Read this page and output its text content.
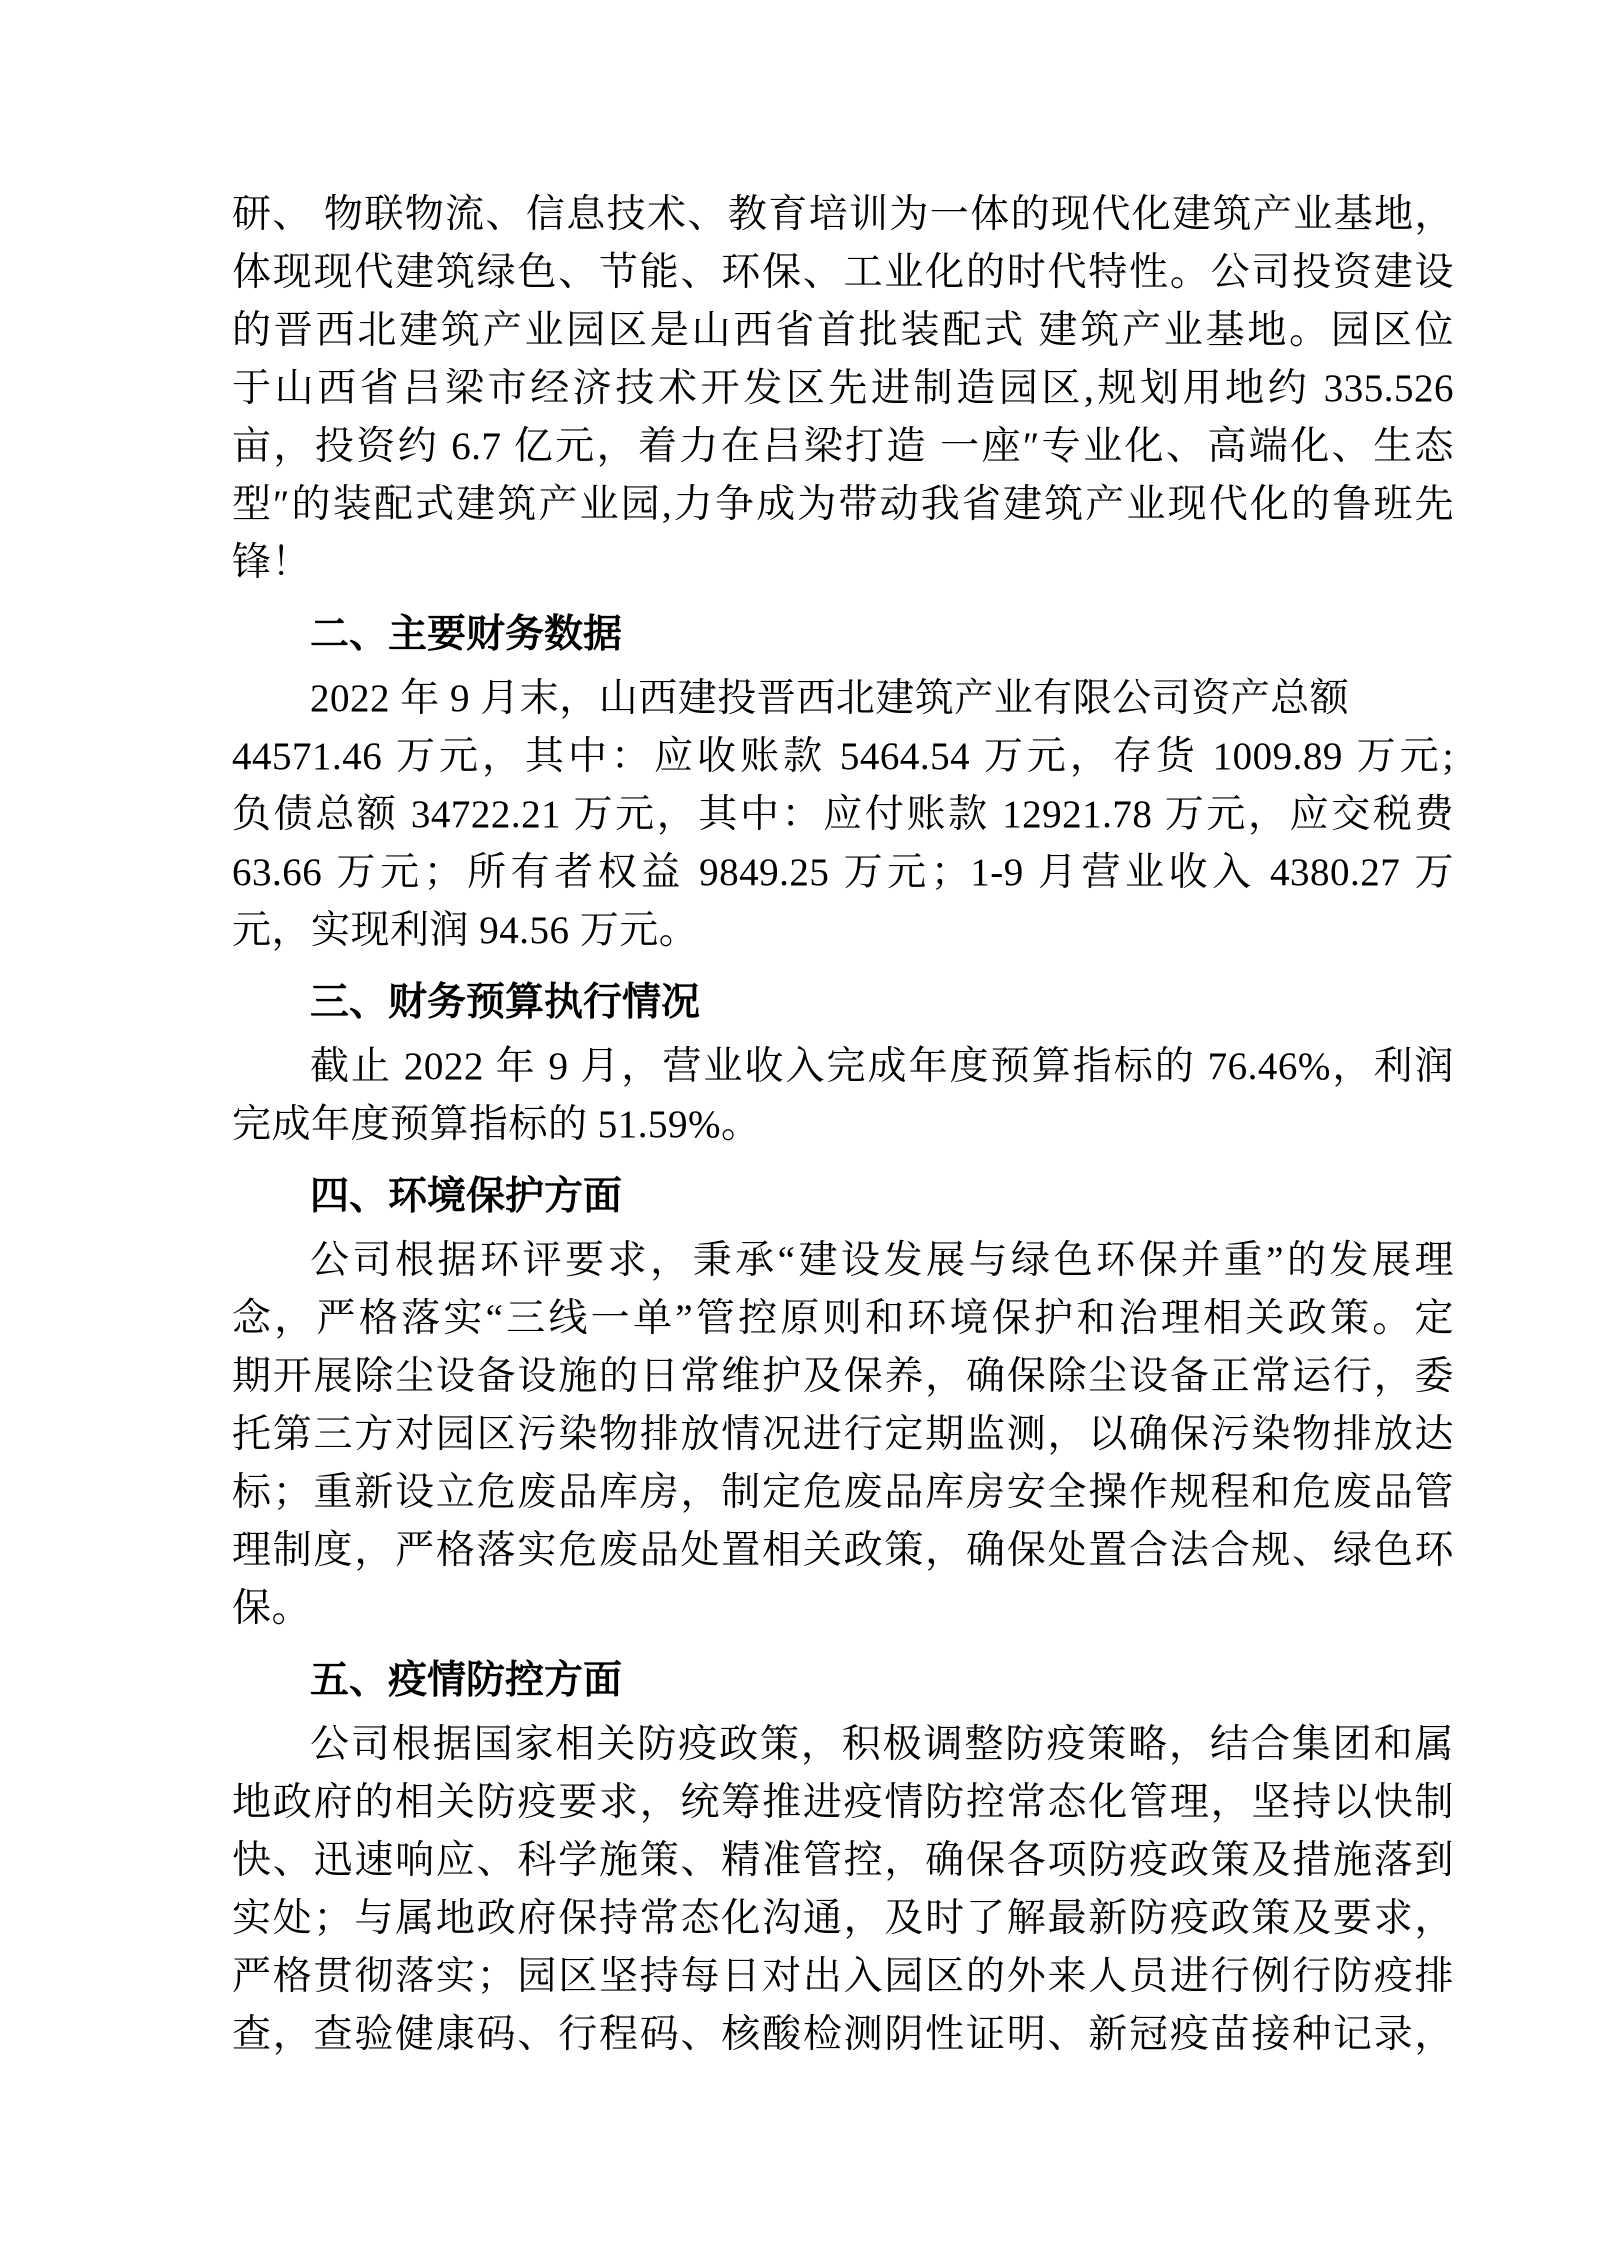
研、 物联物流、信息技术、教育培训为一体的现代化建筑产业基地，
体现现代建筑绿色、节能、环保、工业化的时代特性。公司投资建设
的晋西北建筑产业园区是山西省首批装配式 建筑产业基地。园区位
于山西省吕梁市经济技术开发区先进制造园区,规划用地约 335.526
亩，投资约 6.7 亿元，着力在吕梁打造 一座″专业化、高端化、生态
型″的装配式建筑产业园,力争成为带动我省建筑产业现代化的鲁班先
锋！
二、主要财务数据
2022 年 9 月末，山西建投晋西北建筑产业有限公司资产总额
44571.46 万元，其中：应收账款 5464.54 万元，存货 1009.89 万元;
负债总额 34722.21 万元，其中：应付账款 12921.78 万元，应交税费
63.66 万元；所有者权益 9849.25 万元；1-9 月营业收入 4380.27 万
元，实现利润 94.56 万元。
三、财务预算执行情况
截止 2022 年 9 月，营业收入完成年度预算指标的 76.46%，利润
完成年度预算指标的 51.59%。
四、环境保护方面
公司根据环评要求，秉承“建设发展与绿色环保并重”的发展理
念，严格落实“三线一单”管控原则和环境保护和治理相关政策。定
期开展除尘设备设施的日常维护及保养，确保除尘设备正常运行，委
托第三方对园区污染物排放情况进行定期监测，以确保污染物排放达
标；重新设立危废品库房，制定危废品库房安全操作规程和危废品管
理制度，严格落实危废品处置相关政策，确保处置合法合规、绿色环
保。
五、疫情防控方面
公司根据国家相关防疫政策，积极调整防疫策略，结合集团和属
地政府的相关防疫要求，统筹推进疫情防控常态化管理，坚持以快制
快、迅速响应、科学施策、精准管控，确保各项防疫政策及措施落到
实处；与属地政府保持常态化沟通，及时了解最新防疫政策及要求，
严格贯彻落实；园区坚持每日对出入园区的外来人员进行例行防疫排
查，查验健康码、行程码、核酸检测阴性证明、新冠疫苗接种记录，
